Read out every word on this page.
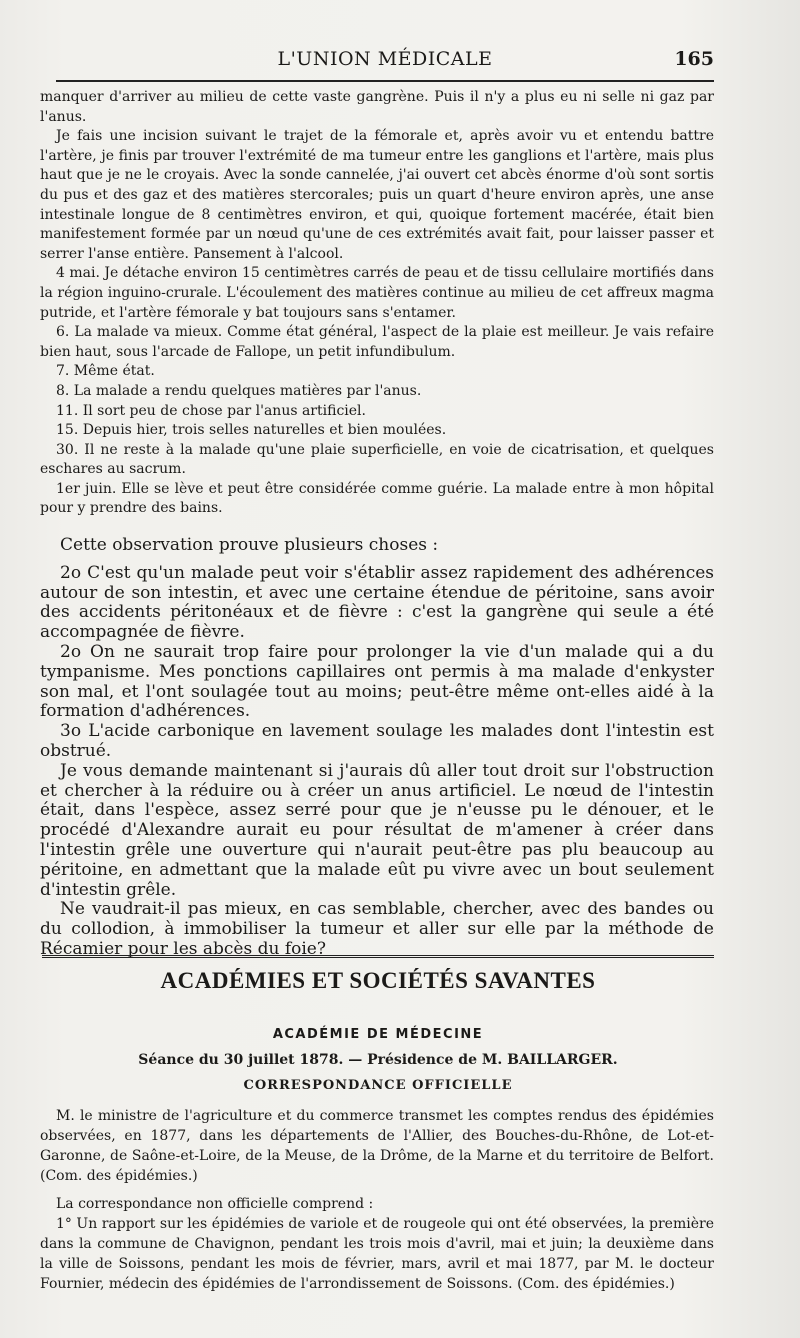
L'UNION MÉDICALE	165

manquer d'arriver au milieu de cette vaste gangrène. Puis il n'y a plus eu ni selle ni gaz par l'anus.

Je fais une incision suivant le trajet de la fémorale et, après avoir vu et entendu battre l'artère, je finis par trouver l'extrémité de ma tumeur entre les ganglions et l'artère, mais plus haut que je ne le croyais. Avec la sonde cannelée, j'ai ouvert cet abcès énorme d'où sont sortis du pus et des gaz et des matières stercorales; puis un quart d'heure environ après, une anse intestinale longue de 8 centimètres environ, et qui, quoique fortement macérée, était bien manifestement formée par un nœud qu'une de ces extrémités avait fait, pour laisser passer et serrer l'anse entière. Pansement à l'alcool.

4 mai. Je détache environ 15 centimètres carrés de peau et de tissu cellulaire mortifiés dans la région inguino-crurale. L'écoulement des matières continue au milieu de cet affreux magma putride, et l'artère fémorale y bat toujours sans s'entamer.

6. La malade va mieux. Comme état général, l'aspect de la plaie est meilleur. Je vais refaire bien haut, sous l'arcade de Fallope, un petit infundibulum.

7. Même état.

8. La malade a rendu quelques matières par l'anus.

11. Il sort peu de chose par l'anus artificiel.

15. Depuis hier, trois selles naturelles et bien moulées.

30. Il ne reste à la malade qu'une plaie superficielle, en voie de cicatrisation, et quelques eschares au sacrum.

1er juin. Elle se lève et peut être considérée comme guérie. La malade entre à mon hôpital pour y prendre des bains.

Cette observation prouve plusieurs choses :

2o C'est qu'un malade peut voir s'établir assez rapidement des adhérences autour de son intestin, et avec une certaine étendue de péritoine, sans avoir des accidents péritonéaux et de fièvre : c'est la gangrène qui seule a été accompagnée de fièvre.

2o On ne saurait trop faire pour prolonger la vie d'un malade qui a du tympanisme. Mes ponctions capillaires ont permis à ma malade d'enkyster son mal, et l'ont soulagée tout au moins; peut-être même ont-elles aidé à la formation d'adhérences.

3o L'acide carbonique en lavement soulage les malades dont l'intestin est obstrué.

Je vous demande maintenant si j'aurais dû aller tout droit sur l'obstruction et chercher à la réduire ou à créer un anus artificiel. Le nœud de l'intestin était, dans l'espèce, assez serré pour que je n'eusse pu le dénouer, et le procédé d'Alexandre aurait eu pour résultat de m'amener à créer dans l'intestin grêle une ouverture qui n'aurait peut-être pas plu beaucoup au péritoine, en admettant que la malade eût pu vivre avec un bout seulement d'intestin grêle.

Ne vaudrait-il pas mieux, en cas semblable, chercher, avec des bandes ou du collodion, à immobiliser la tumeur et aller sur elle par la méthode de Récamier pour les abcès du foie?

ACADÉMIES ET SOCIÉTÉS SAVANTES
ACADÉMIE DE MÉDECINE
Séance du 30 juillet 1878. — Présidence de M. BAILLARGER.
CORRESPONDANCE OFFICIELLE

M. le ministre de l'agriculture et du commerce transmet les comptes rendus des épidémies observées, en 1877, dans les départements de l'Allier, des Bouches-du-Rhône, de Lot-et-Garonne, de Saône-et-Loire, de la Meuse, de la Drôme, de la Marne et du territoire de Belfort. (Com. des épidémies.)

La correspondance non officielle comprend :

1° Un rapport sur les épidémies de variole et de rougeole qui ont été observées, la première dans la commune de Chavignon, pendant les trois mois d'avril, mai et juin; la deuxième dans la ville de Soissons, pendant les mois de février, mars, avril et mai 1877, par M. le docteur Fournier, médecin des épidémies de l'arrondissement de Soissons. (Com. des épidémies.)
